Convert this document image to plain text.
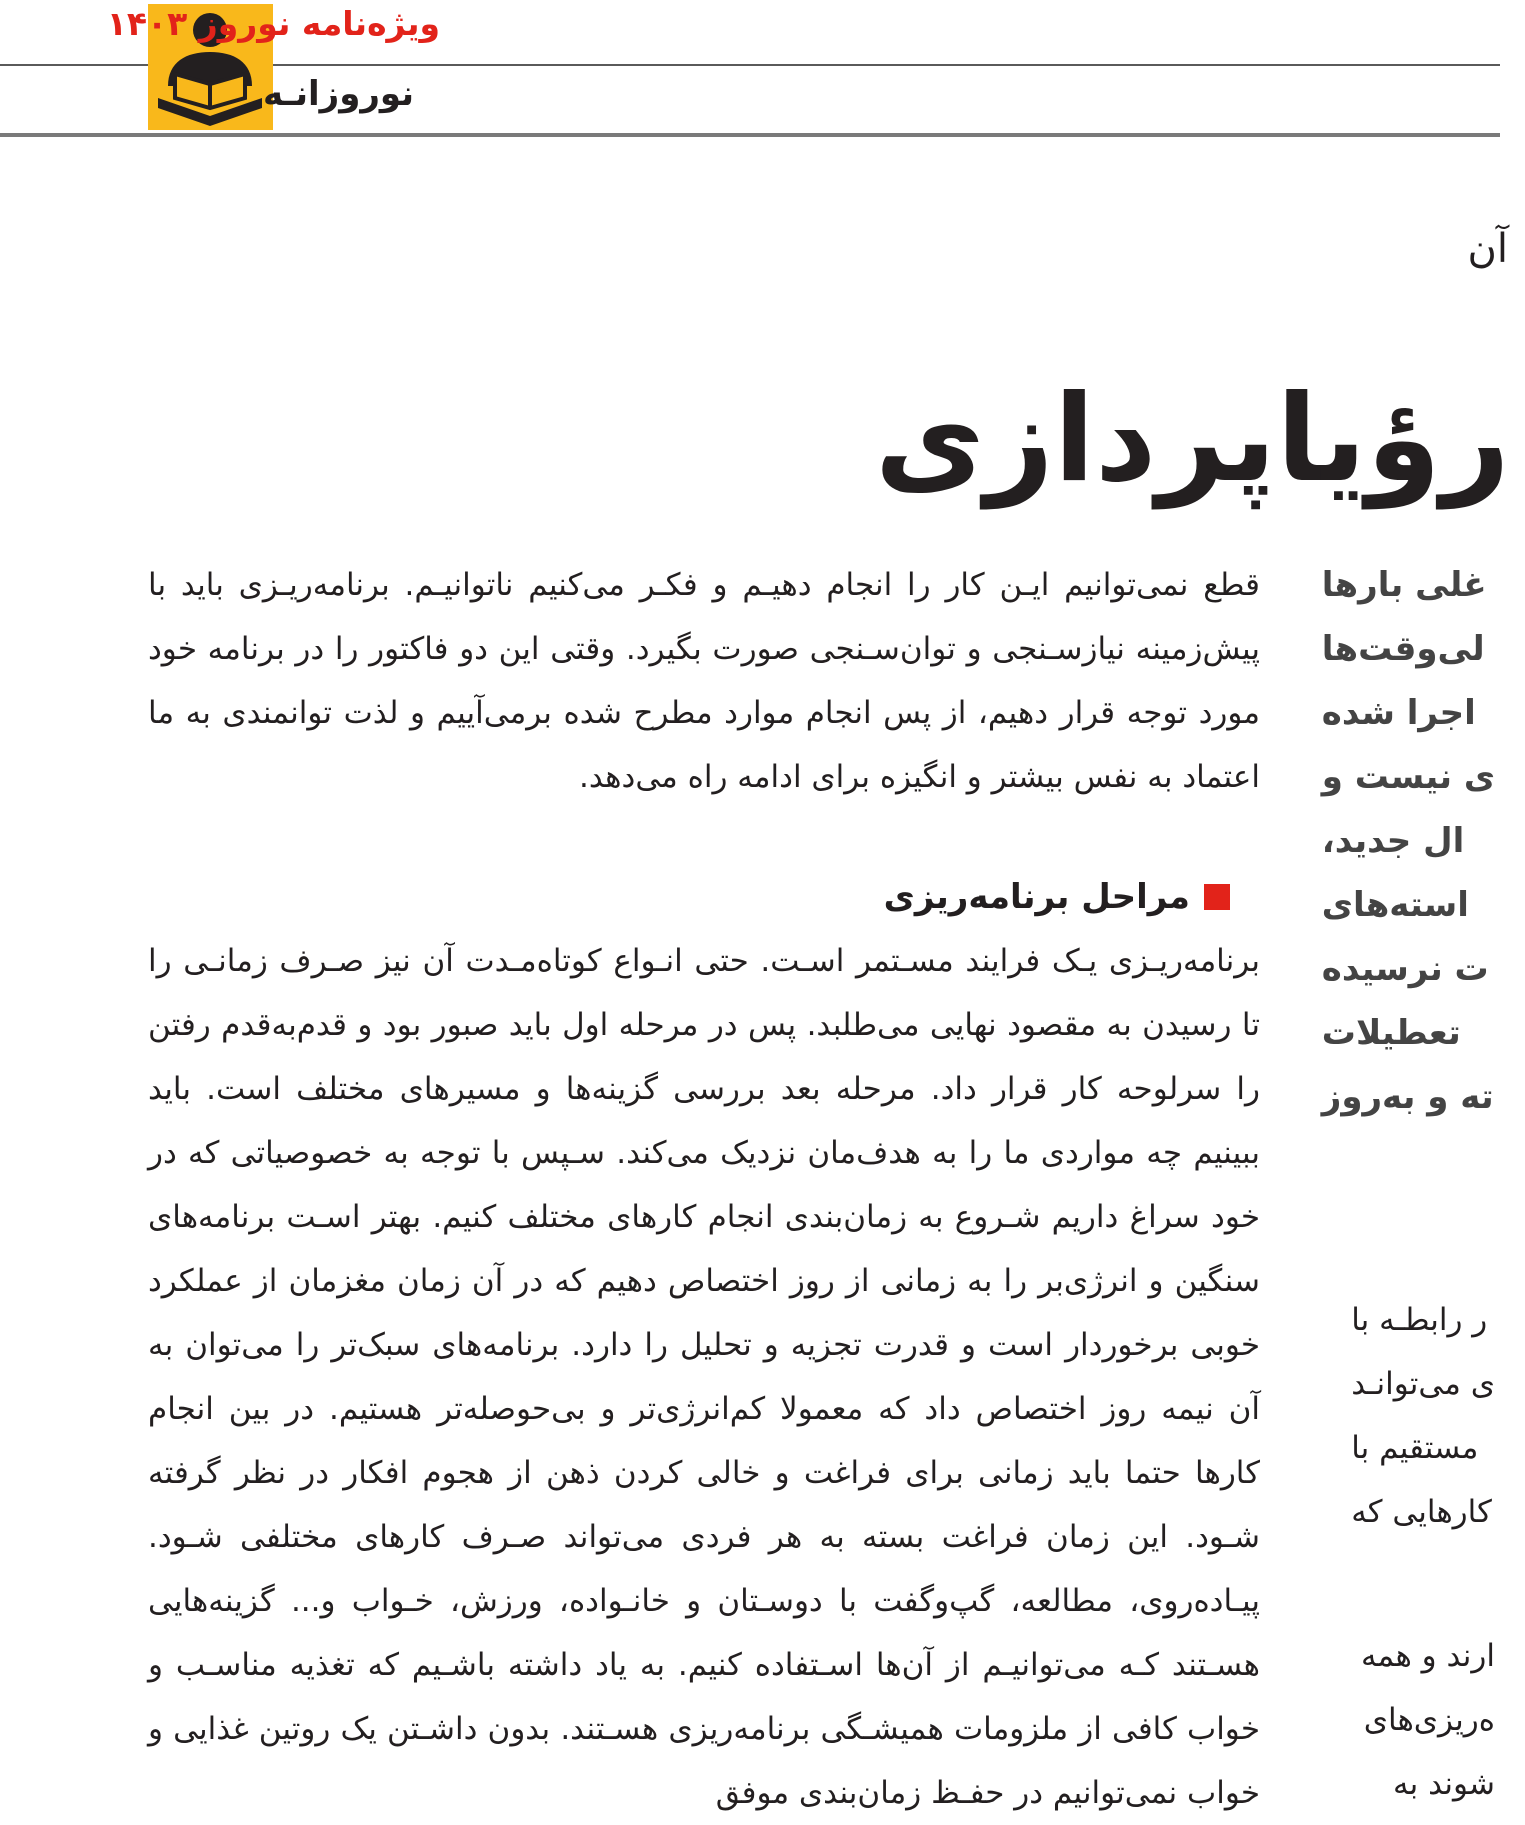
ویژه‌نامه نوروز ۱۴۰۳
نوروزانـه
آن
رؤیاپردازی

قطع نمی‌توانیم ایـن کار را انجام دهیـم و فکـر می‌کنیم ناتوانیـم. برنامه‌ریـزی باید با پیش‌زمینه نیازسـنجی و توان‌سـنجی صورت بگیرد. وقتی این دو فاکتور را در برنامه خود مورد توجه قرار دهیم، از پس انجام موارد مطرح شده برمی‌آییم و لذت توانمندی به ما اعتماد به نفس بیشتر و انگیزه برای ادامه راه می‌دهد.

مراحل برنامه‌ریزی

برنامه‌ریـزی یـک فرایند مسـتمر اسـت. حتی انـواع کوتاه‌مـدت آن نیز صـرف زمانـی را تا رسیدن به مقصود نهایی می‌طلبد. پس در مرحله اول باید صبور بود و قدم‌به‌قدم رفتن را سرلوحه کار قرار داد. مرحله بعد بررسی گزینه‌ها و مسیرهای مختلف است. باید ببینیم چه مواردی ما را به هدف‌مان نزدیک می‌کند. سـپس با توجه به خصوصیاتی که در خود سراغ داریم شـروع به زمان‌بندی انجام کارهای مختلف کنیم. بهتر اسـت برنامه‌های سنگین و انرژی‌بر را به زمانی از روز اختصاص دهیم که در آن زمان مغزمان از عملکرد خوبی برخوردار است و قدرت تجزیه و تحلیل را دارد. برنامه‌های سبک‌تر را می‌توان به آن نیمه روز اختصاص داد که معمولا کم‌انرژی‌تر و بی‌حوصله‌تر هستیم. در بین انجام کارها حتما باید زمانی برای فراغت و خالی کردن ذهن از هجوم افکار در نظر گرفته شـود. این زمان فراغت بسته به هر فردی می‌تواند صـرف کارهای مختلفی شـود. پیـاده‌روی، مطالعه، گپ‌وگفت با دوسـتان و خانـواده، ورزش، خـواب و... گزینه‌هایی هسـتند کـه می‌توانیـم از آن‌ها اسـتفاده کنیم. به یاد داشته باشـیم که تغذیه مناسـب و خواب کافی از ملزومات همیشـگی برنامه‌ریزی هسـتند. بدون داشـتن یک روتین غذایی و خواب نمی‌توانیم در حفـظ زمان‌بندی موفق

غلی بارها
لی‌وقت‌ها
اجرا شده
ی نیست و
ال جدید،
استه‌های
ت نرسیده
تعطیلات
ته و به‌روز
ر رابطـه با
ی می‌توانـد
مستقیم با
کارهایی که
ارند و همه
ه‌ریزی‌های
شوند به
